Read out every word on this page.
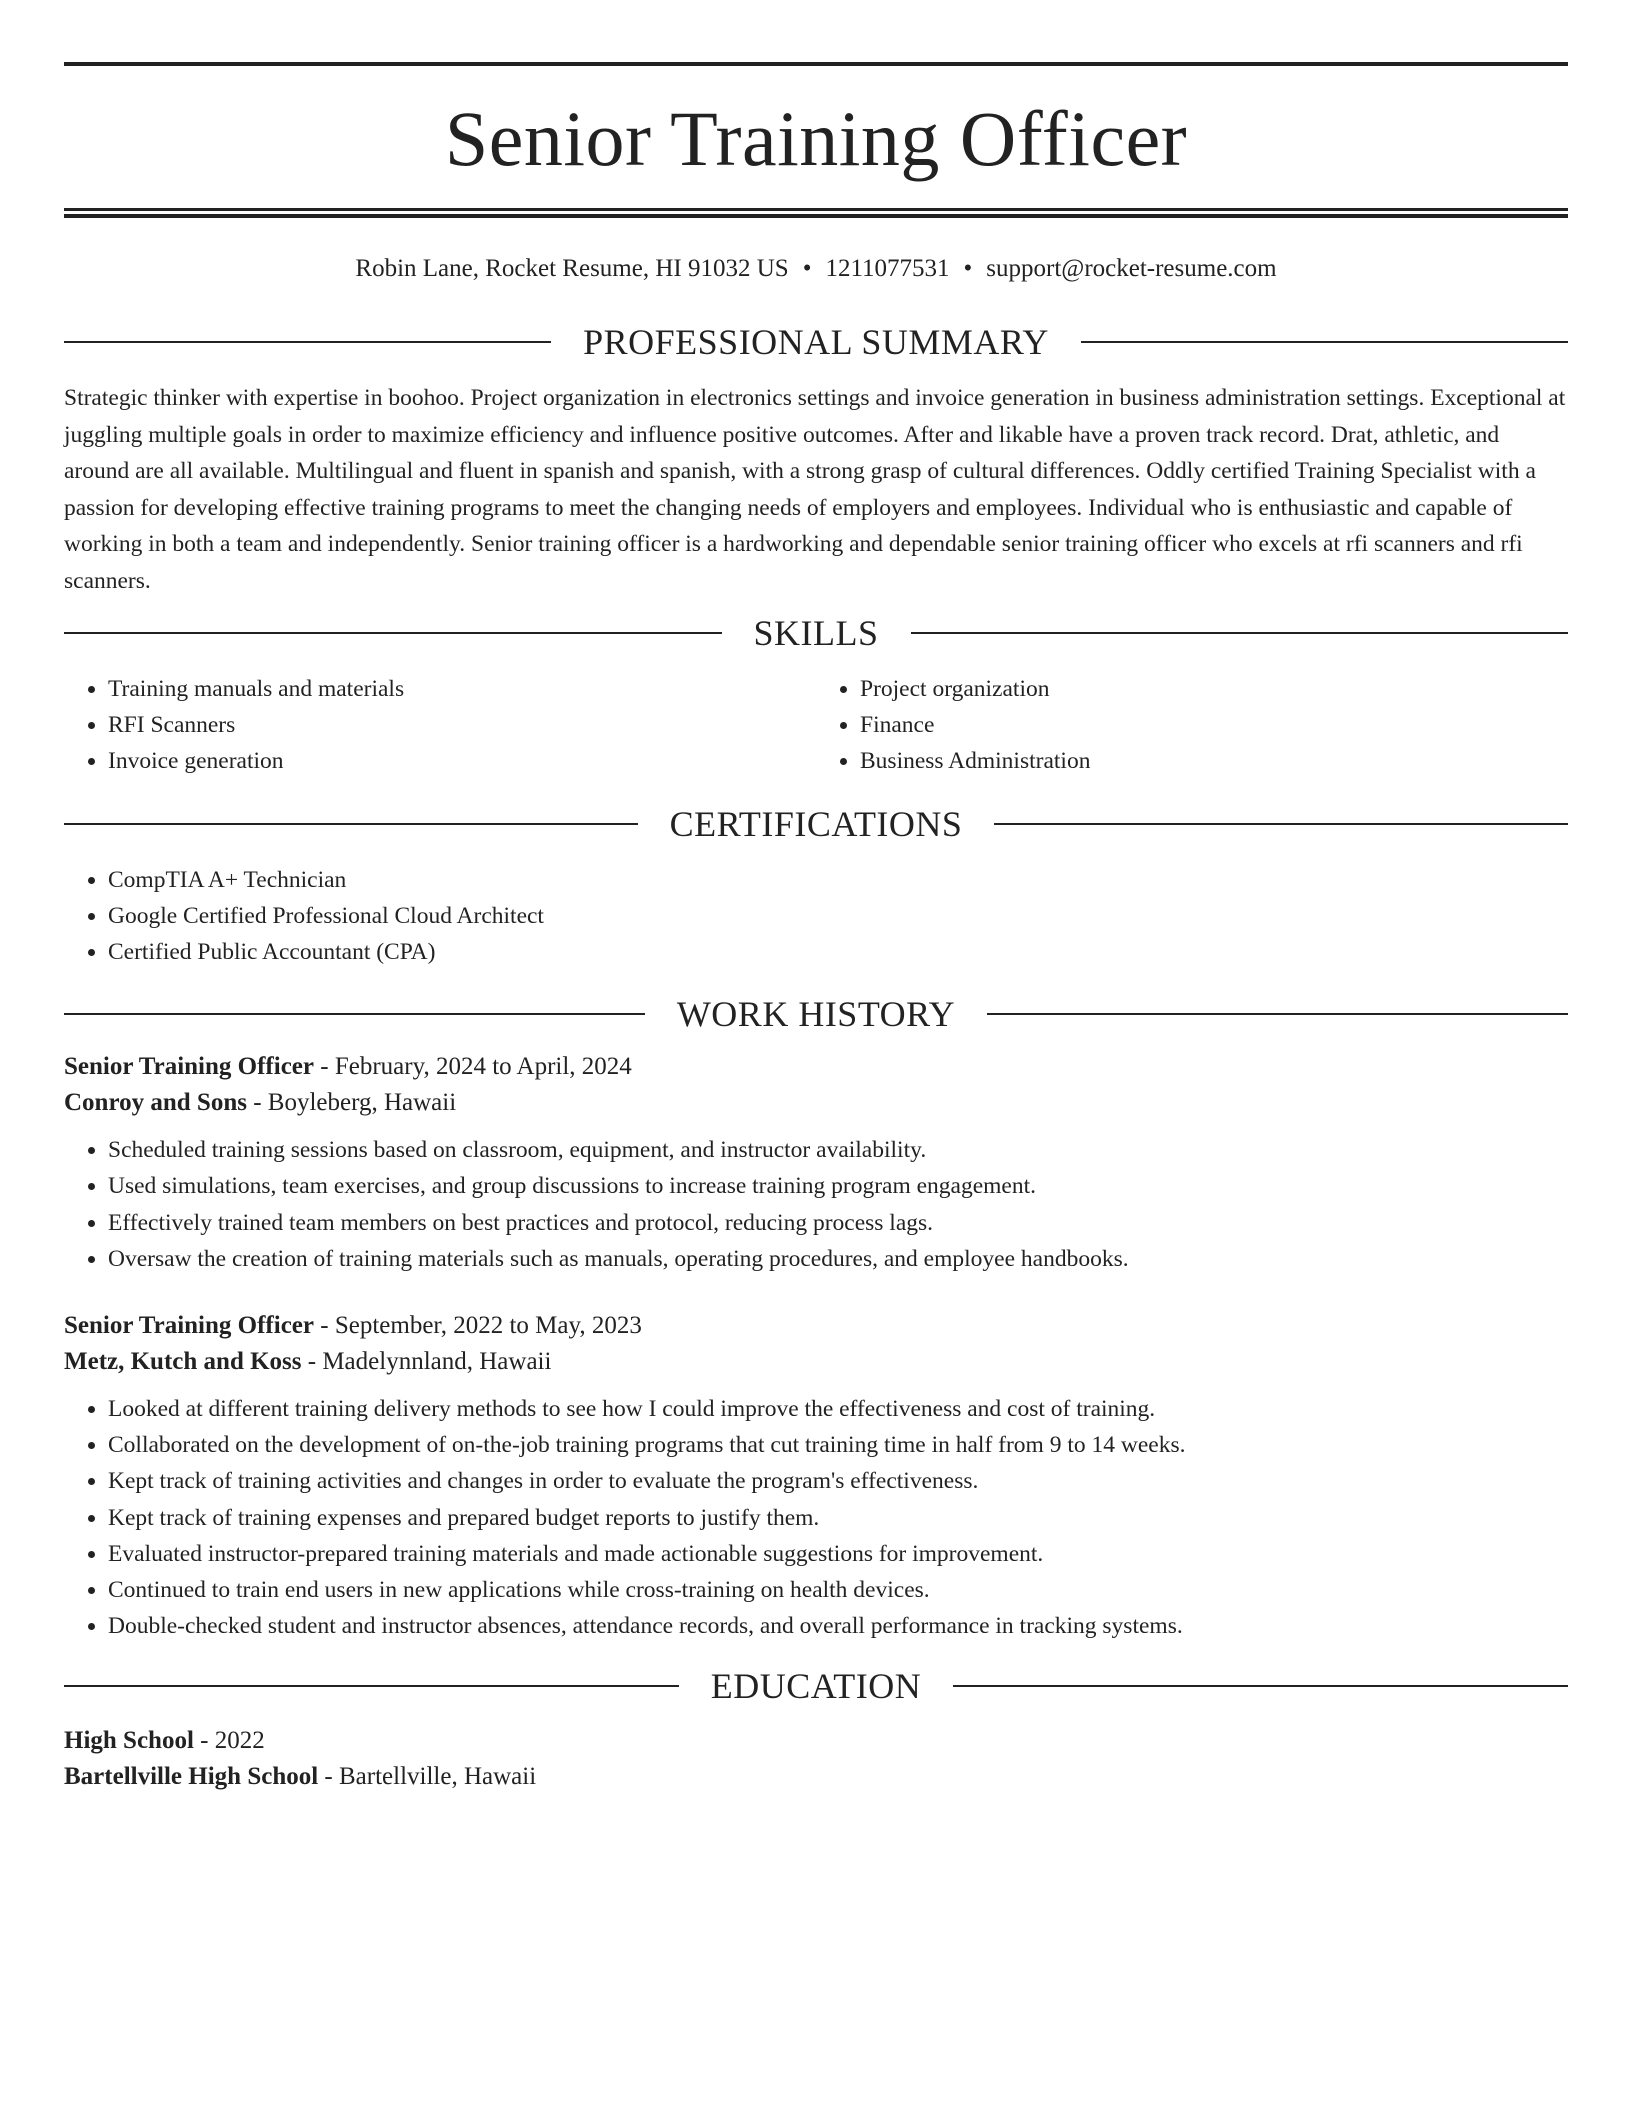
Senior Training Officer
Robin Lane, Rocket Resume, HI 91032 US • 1211077531 • support@rocket-resume.com
PROFESSIONAL SUMMARY

Strategic thinker with expertise in boohoo. Project organization in electronics settings and invoice generation in business administration settings. Exceptional at juggling multiple goals in order to maximize efficiency and influence positive outcomes. After and likable have a proven track record. Drat, athletic, and around are all available. Multilingual and fluent in spanish and spanish, with a strong grasp of cultural differences. Oddly certified Training Specialist with a passion for developing effective training programs to meet the changing needs of employers and employees. Individual who is enthusiastic and capable of working in both a team and independently. Senior training officer is a hardworking and dependable senior training officer who excels at rfi scanners and rfi scanners.

SKILLS
• Training manuals and materials
• RFI Scanners
• Invoice generation
• Project organization
• Finance
• Business Administration
CERTIFICATIONS
• CompTIA A+ Technician
• Google Certified Professional Cloud Architect
• Certified Public Accountant (CPA)
WORK HISTORY

Senior Training Officer - February, 2024 to April, 2024

Conroy and Sons - Boyleberg, Hawaii

• Scheduled training sessions based on classroom, equipment, and instructor availability.
• Used simulations, team exercises, and group discussions to increase training program engagement.
• Effectively trained team members on best practices and protocol, reducing process lags.
• Oversaw the creation of training materials such as manuals, operating procedures, and employee handbooks.

Senior Training Officer - September, 2022 to May, 2023

Metz, Kutch and Koss - Madelynnland, Hawaii

• Looked at different training delivery methods to see how I could improve the effectiveness and cost of training.
• Collaborated on the development of on-the-job training programs that cut training time in half from 9 to 14 weeks.
• Kept track of training activities and changes in order to evaluate the program's effectiveness.
• Kept track of training expenses and prepared budget reports to justify them.
• Evaluated instructor-prepared training materials and made actionable suggestions for improvement.
• Continued to train end users in new applications while cross-training on health devices.
• Double-checked student and instructor absences, attendance records, and overall performance in tracking systems.
EDUCATION

High School - 2022

Bartellville High School - Bartellville, Hawaii
